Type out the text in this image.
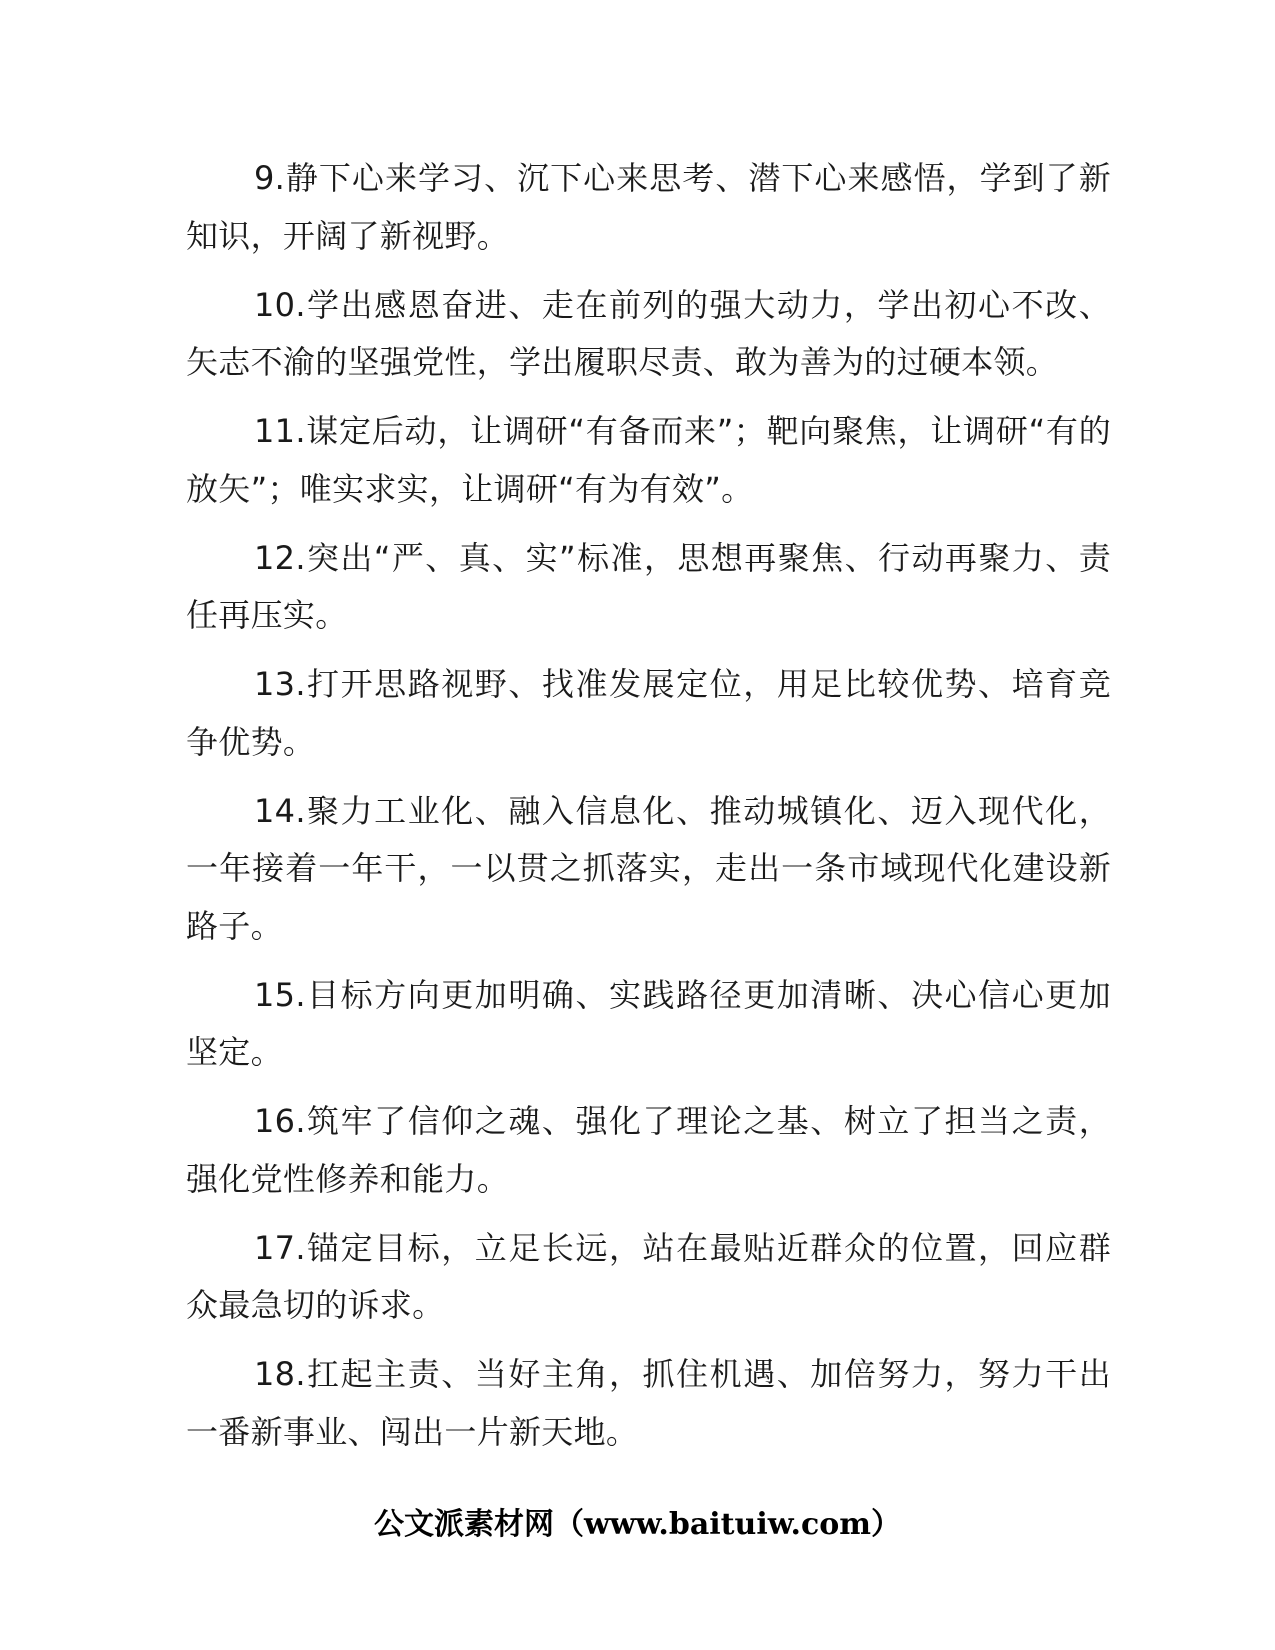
9.静下心来学习、沉下心来思考、潜下心来感悟，学到了新知识，开阔了新视野。

10.学出感恩奋进、走在前列的强大动力，学出初心不改、矢志不渝的坚强党性，学出履职尽责、敢为善为的过硬本领。

11.谋定后动，让调研“有备而来”；靶向聚焦，让调研“有的放矢”；唯实求实，让调研“有为有效”。

12.突出“严、真、实”标准，思想再聚焦、行动再聚力、责任再压实。

13.打开思路视野、找准发展定位，用足比较优势、培育竞争优势。

14.聚力工业化、融入信息化、推动城镇化、迈入现代化，一年接着一年干，一以贯之抓落实，走出一条市域现代化建设新路子。

15.目标方向更加明确、实践路径更加清晰、决心信心更加坚定。

16.筑牢了信仰之魂、强化了理论之基、树立了担当之责，强化党性修养和能力。

17.锚定目标，立足长远，站在最贴近群众的位置，回应群众最急切的诉求。

18.扛起主责、当好主角，抓住机遇、加倍努力，努力干出一番新事业、闯出一片新天地。

公文派素材网（www.baituiw.com）
